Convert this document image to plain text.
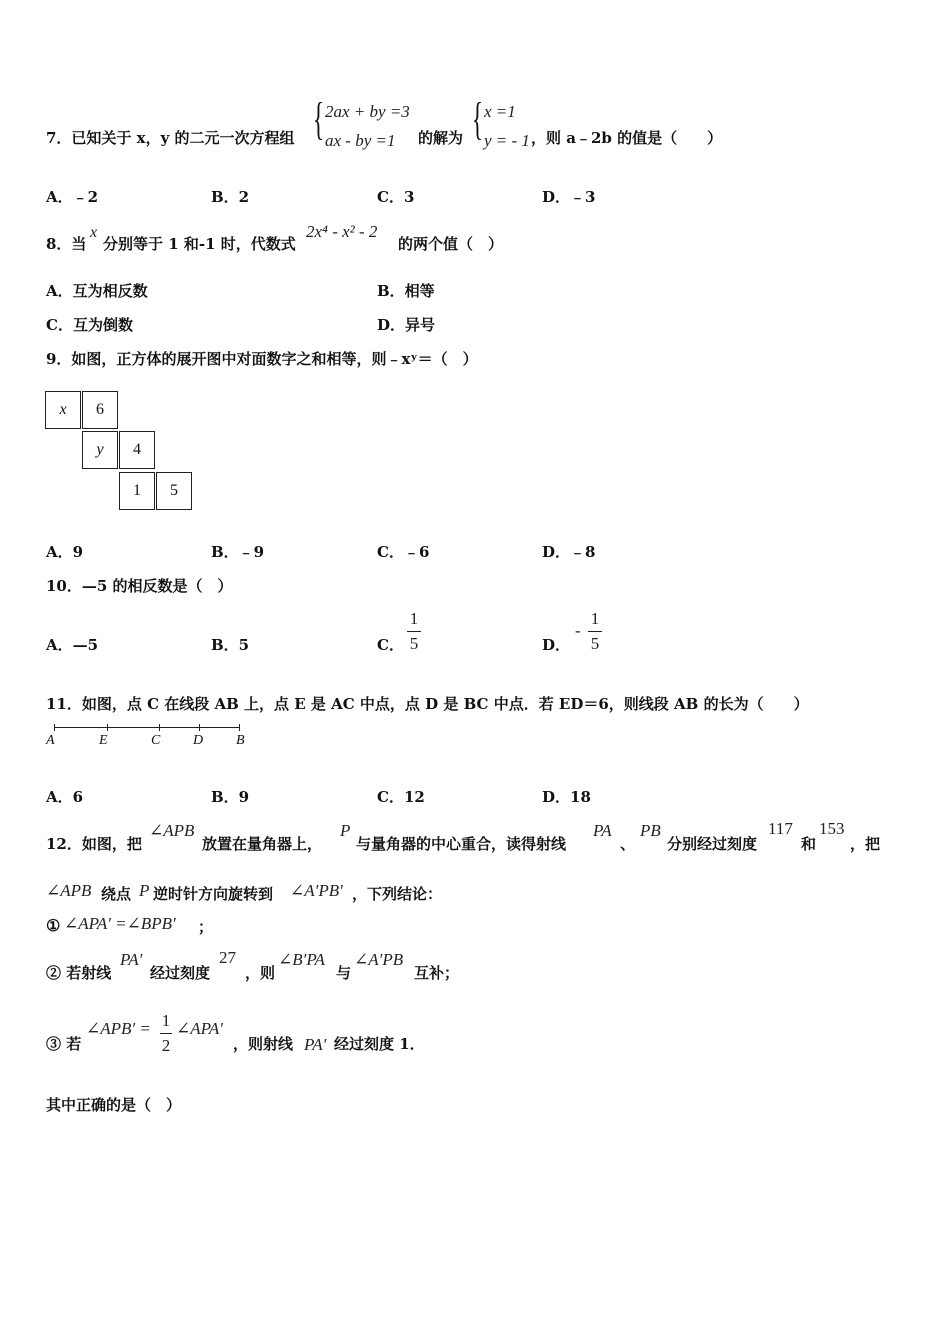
7．已知关于 x，y 的二元一次方程组 { 2ax + by =3
ax - by =1 的解为 { x =1
y = - 1 ，则 a﹣2b 的值是（　　）
A．﹣2	B．2	C．3	D．﹣3
8．当
x
分别等于 1 和-1 时，代数式
2x⁴ - x² - 2
的两个值（　）
A．互为相反数	B．相等
C．互为倒数	D．异号
9．如图，正方体的展开图中对面数字之和相等，则﹣xʸ＝（　）
x	6
y	4
1	5
A．9	B．﹣9	C．﹣6	D．﹣8
10．—5 的相反数是（　）
A．—5	B．5	C．
1
5	D．
-
1
5
11．如图，点 C 在线段 AB 上，点 E 是 AC 中点，点 D 是 BC 中点．若 ED＝6，则线段 AB 的长为（　　）
A	E	C D B
A．6	B．9	C．12	D．18
12．如图，把
∠APB
放置在量角器上，
P
与量角器的中心重合，读得射线
PA
、
PB
分别经过刻度
117
和
153
，把
∠APB 绕点 P 逆时针方向旋转到 ∠A′PB′ ，下列结论：
① ∠APA′ =∠BPB′ ；
② 若射线
PA′
经过刻度
27
，则
∠B′PA
与
∠A′PB
互补；
③ 若
∠APB′ = 1
2
∠APA′
，则射线 PA′ 经过刻度 1．
其中正确的是（　）
